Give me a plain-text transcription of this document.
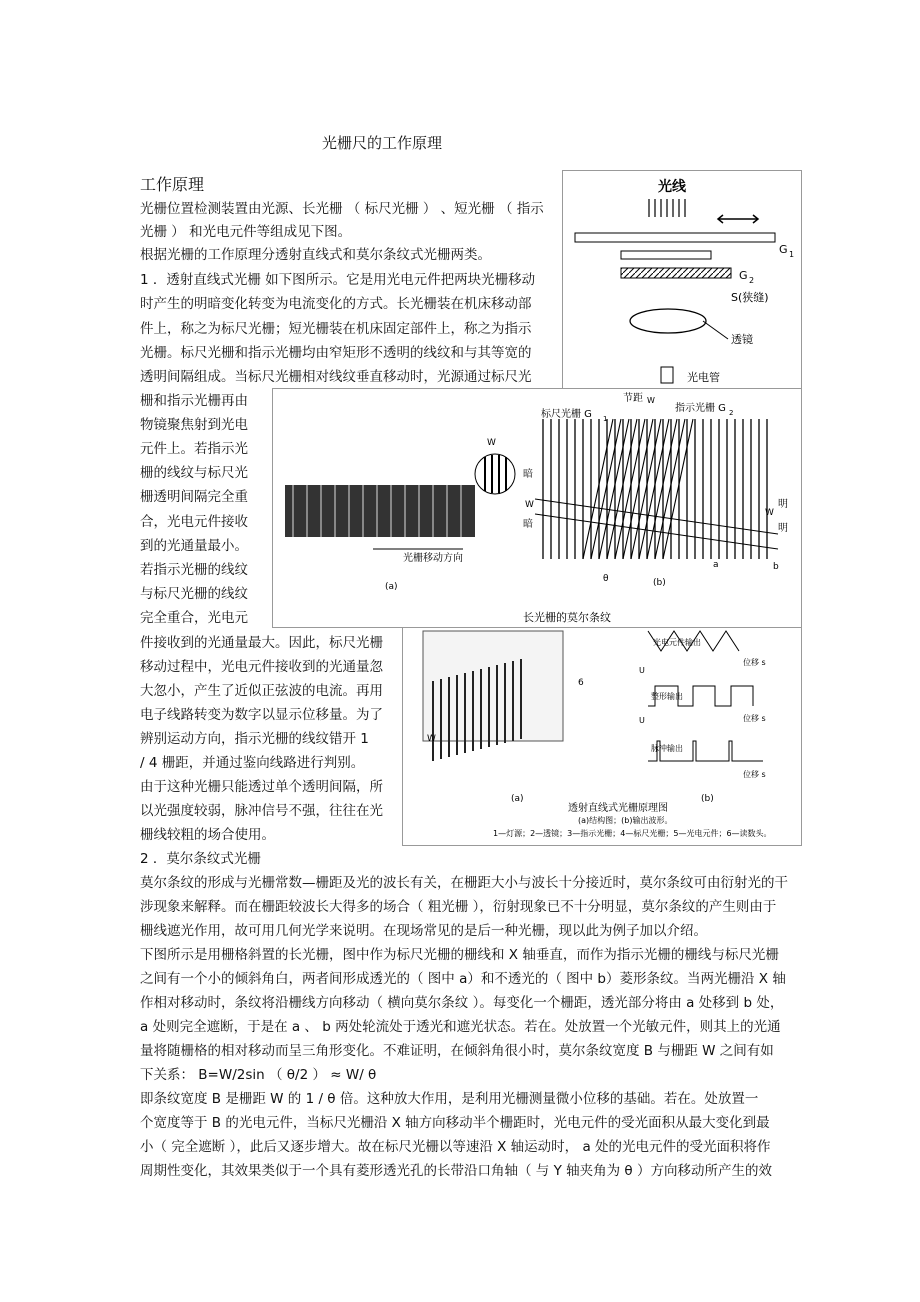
光栅尺的工作原理
工作原理
光栅位置检测装置由光源、长光栅 （ 标尺光栅 ） 、短光栅 （ 指示
光栅 ） 和光电元件等组成见下图。
根据光栅的工作原理分透射直线式和莫尔条纹式光栅两类。
1 ．透射直线式光栅 如下图所示。它是用光电元件把两块光栅移动
时产生的明暗变化转变为电流变化的方式。长光栅装在机床移动部
件上，称之为标尺光栅；短光栅装在机床固定部件上，称之为指示
光栅。标尺光栅和指示光栅均由窄矩形不透明的线纹和与其等宽的
透明间隔组成。当标尺光栅相对线纹垂直移动时，光源通过标尺光
栅和指示光栅再由
物镜聚焦射到光电
元件上。若指示光
栅的线纹与标尺光
栅透明间隔完全重
合，光电元件接收
到的光通量最小。
若指示光栅的线纹
与标尺光栅的线纹
完全重合，光电元
件接收到的光通量最大。因此，标尺光栅
移动过程中，光电元件接收到的光通量忽
大忽小，产生了近似正弦波的电流。再用
电子线路转变为数字以显示位移量。为了
辨别运动方向，指示光栅的线纹错开 1
/ 4 栅距，并通过鉴向线路进行判别。
由于这种光栅只能透过单个透明间隔，所
以光强度较弱，脉冲信号不强，往往在光
栅线较粗的场合使用。
2 ．莫尔条纹式光栅
莫尔条纹的形成与光栅常数—栅距及光的波长有关，在栅距大小与波长十分接近时，莫尔条纹可由衍射光的干
涉现象来解释。而在栅距较波长大得多的场合（ 粗光栅 ），衍射现象已不十分明显，莫尔条纹的产生则由于
栅线遮光作用，故可用几何光学来说明。在现场常见的是后一种光栅，现以此为例子加以介绍。
下图所示是用栅格斜置的长光栅，图中作为标尺光栅的栅线和 X 轴垂直，而作为指示光栅的栅线与标尺光栅
之间有一个小的倾斜角白，两者间形成透光的（ 图中 a）和不透光的（ 图中 b）菱形条纹。当两光栅沿 X 轴
作相对移动时，条纹将沿栅线方向移动（ 横向莫尔条纹 ）。每变化一个栅距，透光部分将由 a 处移到 b 处，
a 处则完全遮断，于是在 a 、 b 两处轮流处于透光和遮光状态。若在。处放置一个光敏元件，则其上的光通
量将随栅格的相对移动而呈三角形变化。不难证明，在倾斜角很小时，莫尔条纹宽度 B 与栅距 W 之间有如
下关系： B=W/2sin （ θ/2 ） ≈ W/ θ
即条纹宽度 B 是栅距 W 的 1 / θ 倍。这种放大作用，是利用光栅测量微小位移的基础。若在。处放置一
个宽度等于 B 的光电元件，当标尺光栅沿 X 轴方向移动半个栅距时，光电元件的受光面积从最大变化到最
小（ 完全遮断 ），此后又逐步增大。故在标尺光栅以等速沿 X 轴运动时， a 处的光电元件的受光面积将作
周期性变化，其效果类似于一个具有菱形透光孔的长带沿口角轴（ 与 Y 轴夹角为 θ ）方向移动所产生的效
光线
G 1
G 2
S(狭缝)
透镜
光电管
6
W
(a)	(b)
光电元件输出
位移 s
U
整形输出
位移 s
U
脉冲输出
位移 s
透射直线式光栅原理图
(a)结构图；(b)输出波形。
1—灯源；2—透镜；3—指示光栅；4—标尺光栅；5—光电元件；6—读数头。
W
光栅移动方向
(a)
标尺光栅 G 1
节距 W
指示光栅 G 2
暗
W
暗
明
W
明
a	b
θ	(b)
长光栅的莫尔条纹
